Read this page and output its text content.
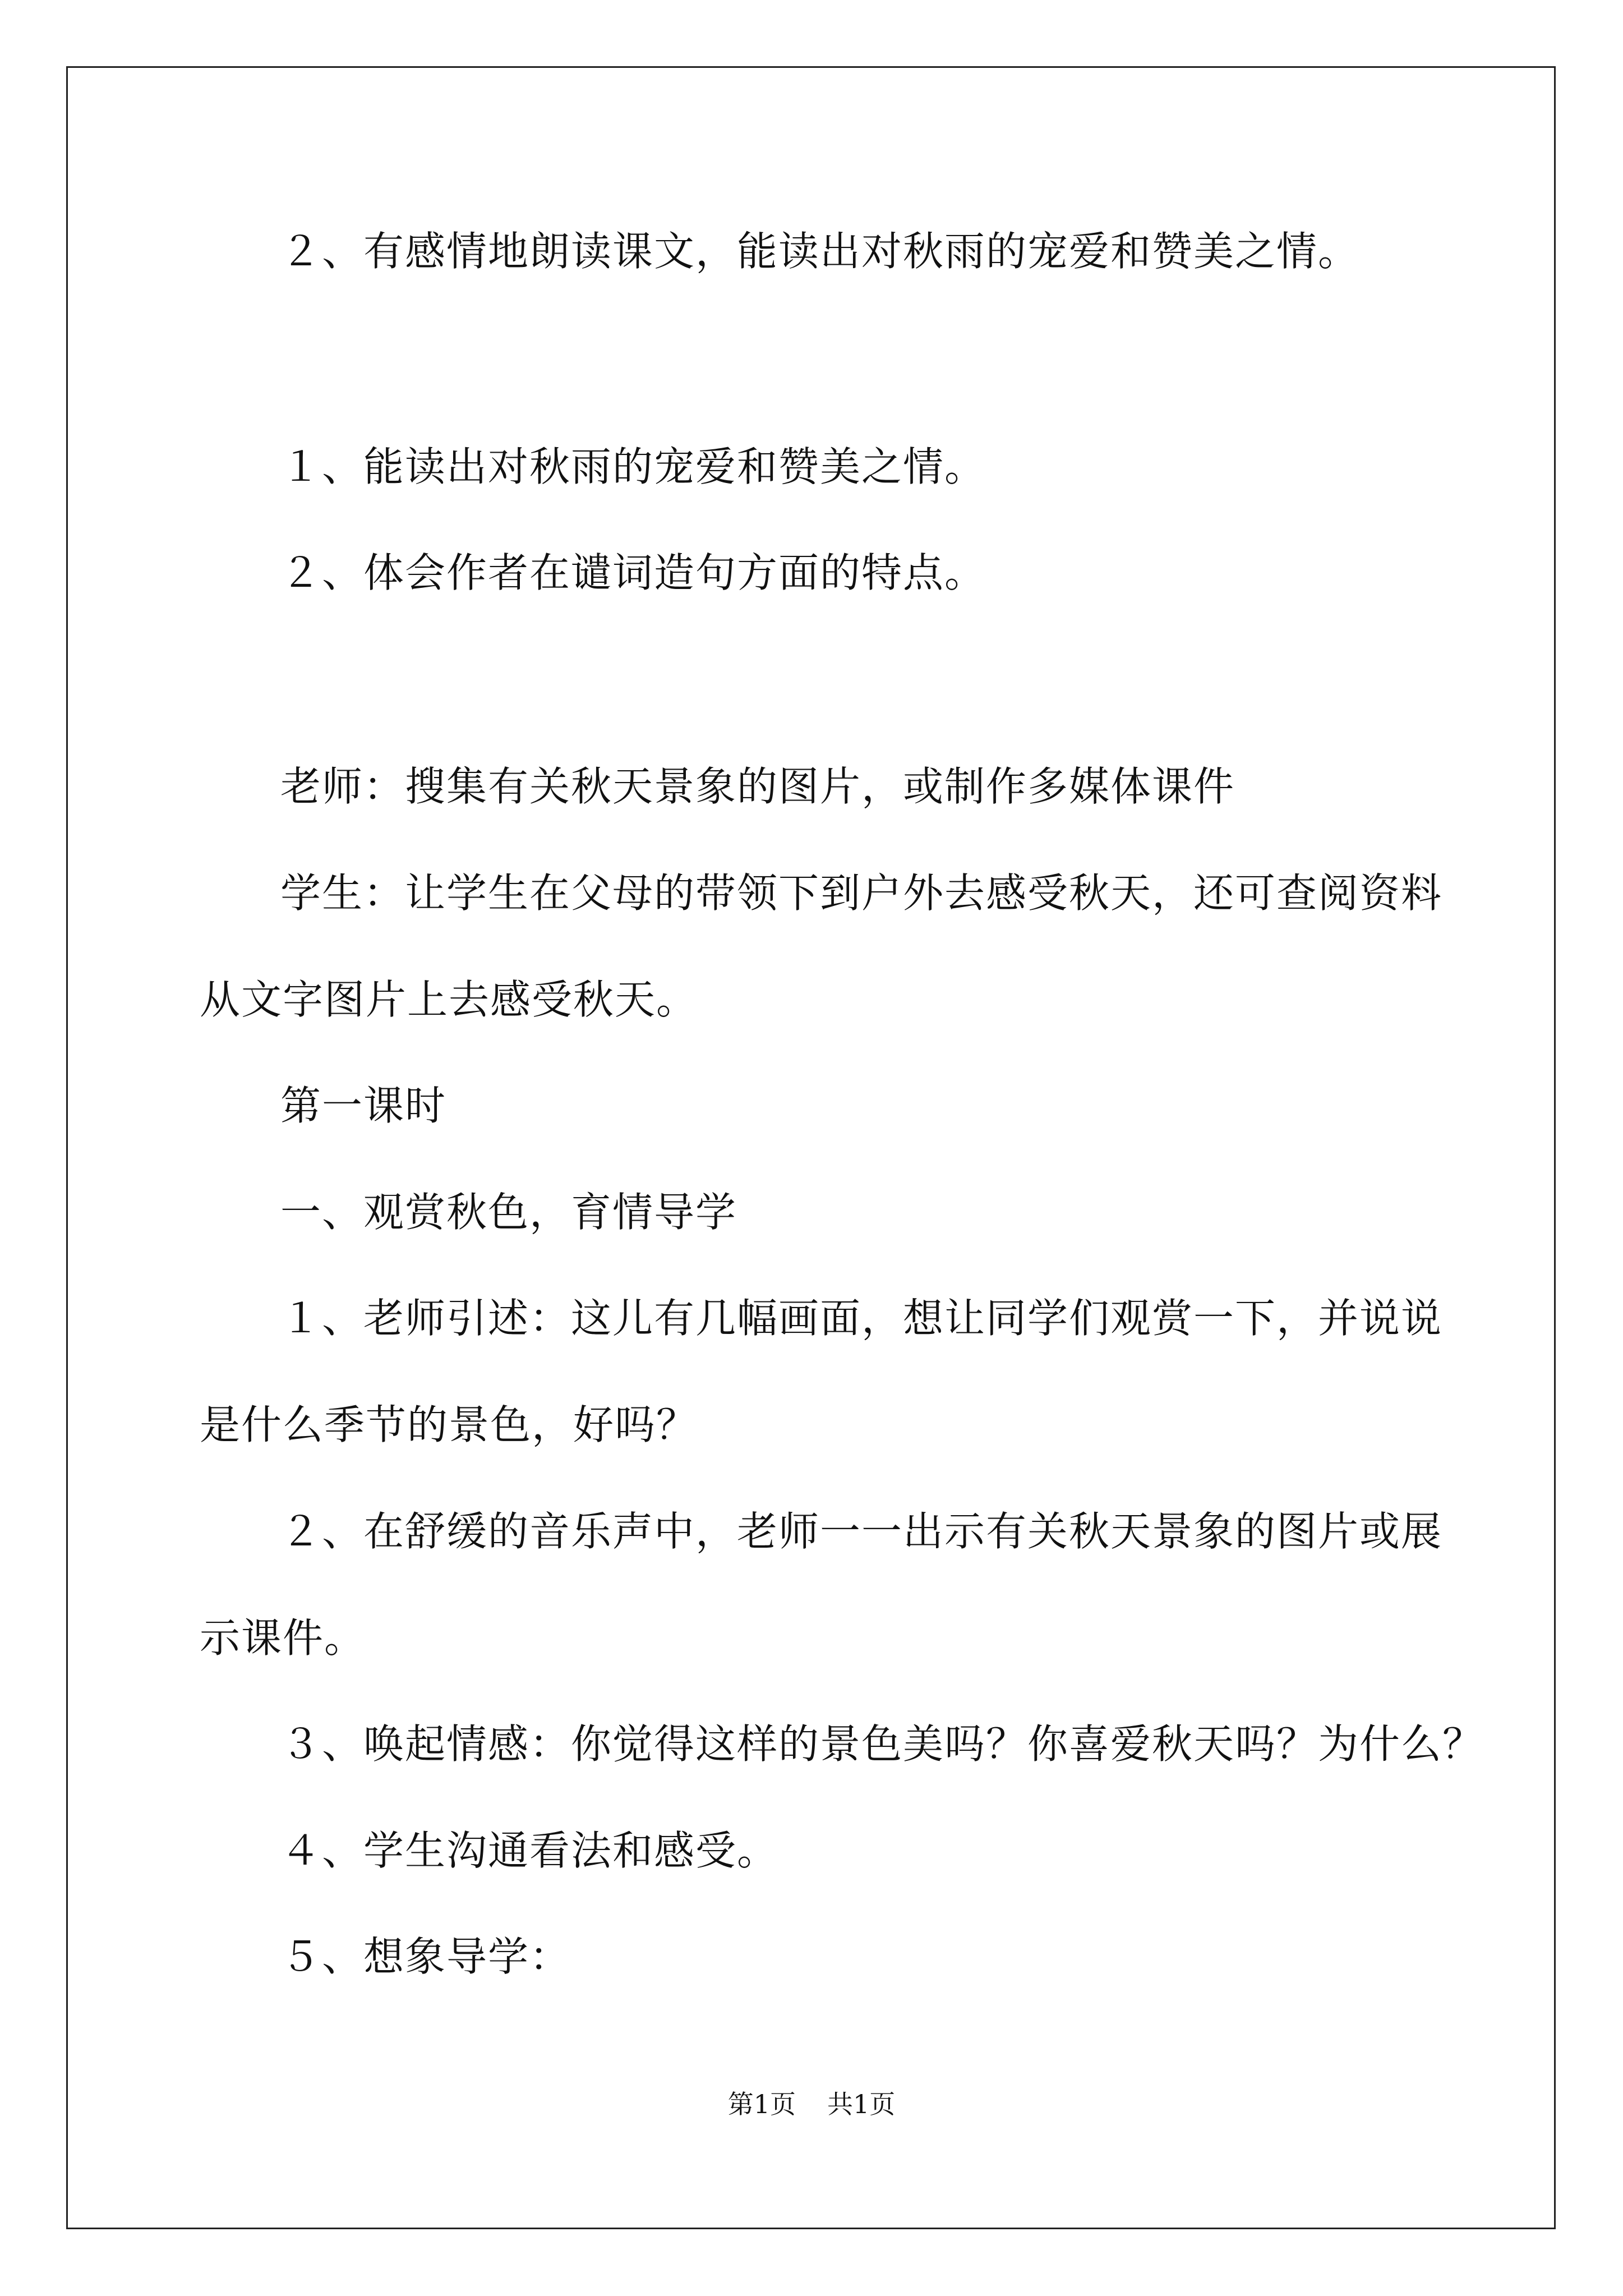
２、有感情地朗读课文，能读出对秋雨的宠爱和赞美之情。
１、能读出对秋雨的宠爱和赞美之情。
２、体会作者在谴词造句方面的特点。
老师：搜集有关秋天景象的图片，或制作多媒体课件
学生：让学生在父母的带领下到户外去感受秋天，还可查阅资料
从文字图片上去感受秋天。
第一课时
一、观赏秋色，育情导学
１、老师引述：这儿有几幅画面，想让同学们观赏一下，并说说
是什么季节的景色，好吗？
２、在舒缓的音乐声中，老师一一出示有关秋天景象的图片或展
示课件。
３、唤起情感：你觉得这样的景色美吗？你喜爱秋天吗？为什么？
４、学生沟通看法和感受。
５、想象导学：
第1页 共1页
